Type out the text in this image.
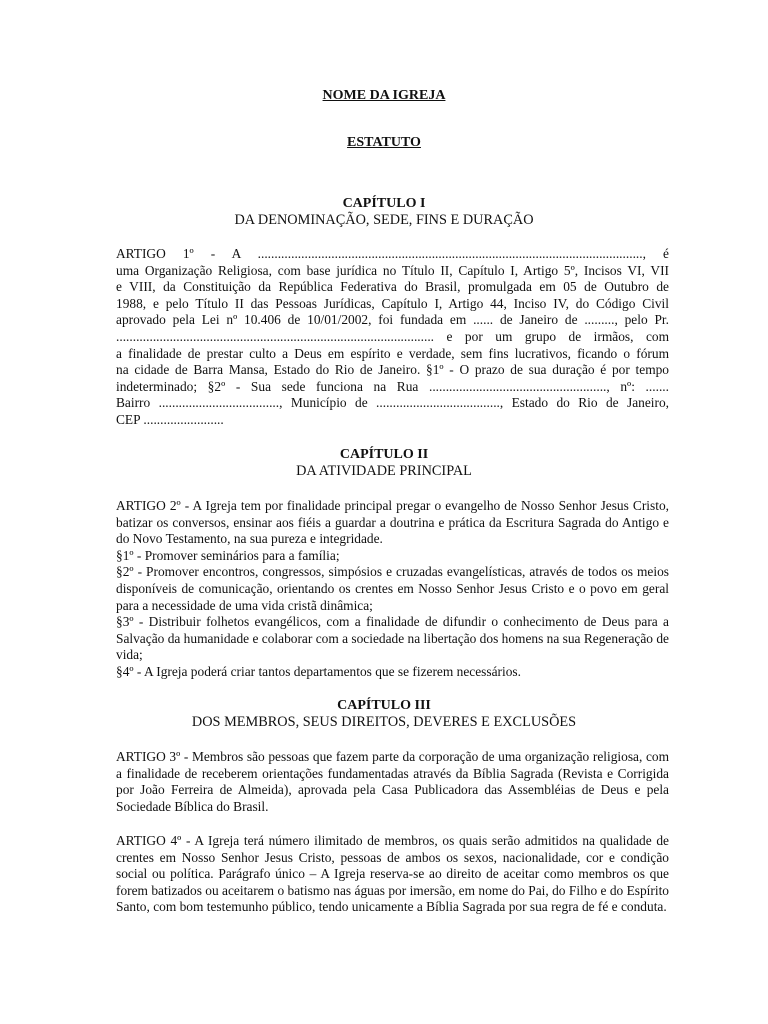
NOME DA IGREJA
ESTATUTO
CAPÍTULO I
DA DENOMINAÇÃO, SEDE, FINS E DURAÇÃO

ARTIGO 1º - A ..................................................................................................................., é

uma Organização Religiosa, com base jurídica no Título II, Capítulo I, Artigo 5º, Incisos VI, VII

e VIII, da Constituição da República Federativa do Brasil, promulgada em 05 de Outubro de

1988, e pelo Título II das Pessoas Jurídicas, Capítulo I, Artigo 44, Inciso IV, do Código Civil

aprovado pela Lei nº 10.406 de 10/01/2002, foi fundada em ...... de Janeiro de ........., pelo Pr.

............................................................................................... e por um grupo de irmãos, com

a finalidade de prestar culto a Deus em espírito e verdade, sem fins lucrativos, ficando o fórum

na cidade de Barra Mansa, Estado do Rio de Janeiro. §1º - O prazo de sua duração é por tempo

indeterminado; §2º - Sua sede funciona na Rua ....................................................., nº: .......

Bairro ...................................., Município de ....................................., Estado do Rio de Janeiro,

CEP ........................

CAPÍTULO II
DA ATIVIDADE PRINCIPAL

ARTIGO 2º - A Igreja tem por finalidade principal pregar o evangelho de Nosso Senhor Jesus Cristo, batizar os conversos, ensinar aos fiéis a guardar a doutrina e prática da Escritura Sagrada do Antigo e do Novo Testamento, na sua pureza e integridade.

§1º - Promover seminários para a família;

§2º - Promover encontros, congressos, simpósios e cruzadas evangelísticas, através de todos os meios disponíveis de comunicação, orientando os crentes em Nosso Senhor Jesus Cristo e o povo em geral para a necessidade de uma vida cristã dinâmica;

§3º - Distribuir folhetos evangélicos, com a finalidade de difundir o conhecimento de Deus para a Salvação da humanidade e colaborar com a sociedade na libertação dos homens na sua Regeneração de vida;

§4º - A Igreja poderá criar tantos departamentos que se fizerem necessários.

CAPÍTULO III
DOS MEMBROS, SEUS DIREITOS, DEVERES E EXCLUSÕES

ARTIGO 3º - Membros são pessoas que fazem parte da corporação de uma organização religiosa, com a finalidade de receberem orientações fundamentadas através da Bíblia Sagrada (Revista e Corrigida por João Ferreira de Almeida), aprovada pela Casa Publicadora das Assembléias de Deus e pela Sociedade Bíblica do Brasil.

ARTIGO 4º - A Igreja terá número ilimitado de membros, os quais serão admitidos na qualidade de crentes em Nosso Senhor Jesus Cristo, pessoas de ambos os sexos, nacionalidade, cor e condição social ou política. Parágrafo único – A Igreja reserva-se ao direito de aceitar como membros os que forem batizados ou aceitarem o batismo nas águas por imersão, em nome do Pai, do Filho e do Espírito Santo, com bom testemunho público, tendo unicamente a Bíblia Sagrada por sua regra de fé e conduta.
